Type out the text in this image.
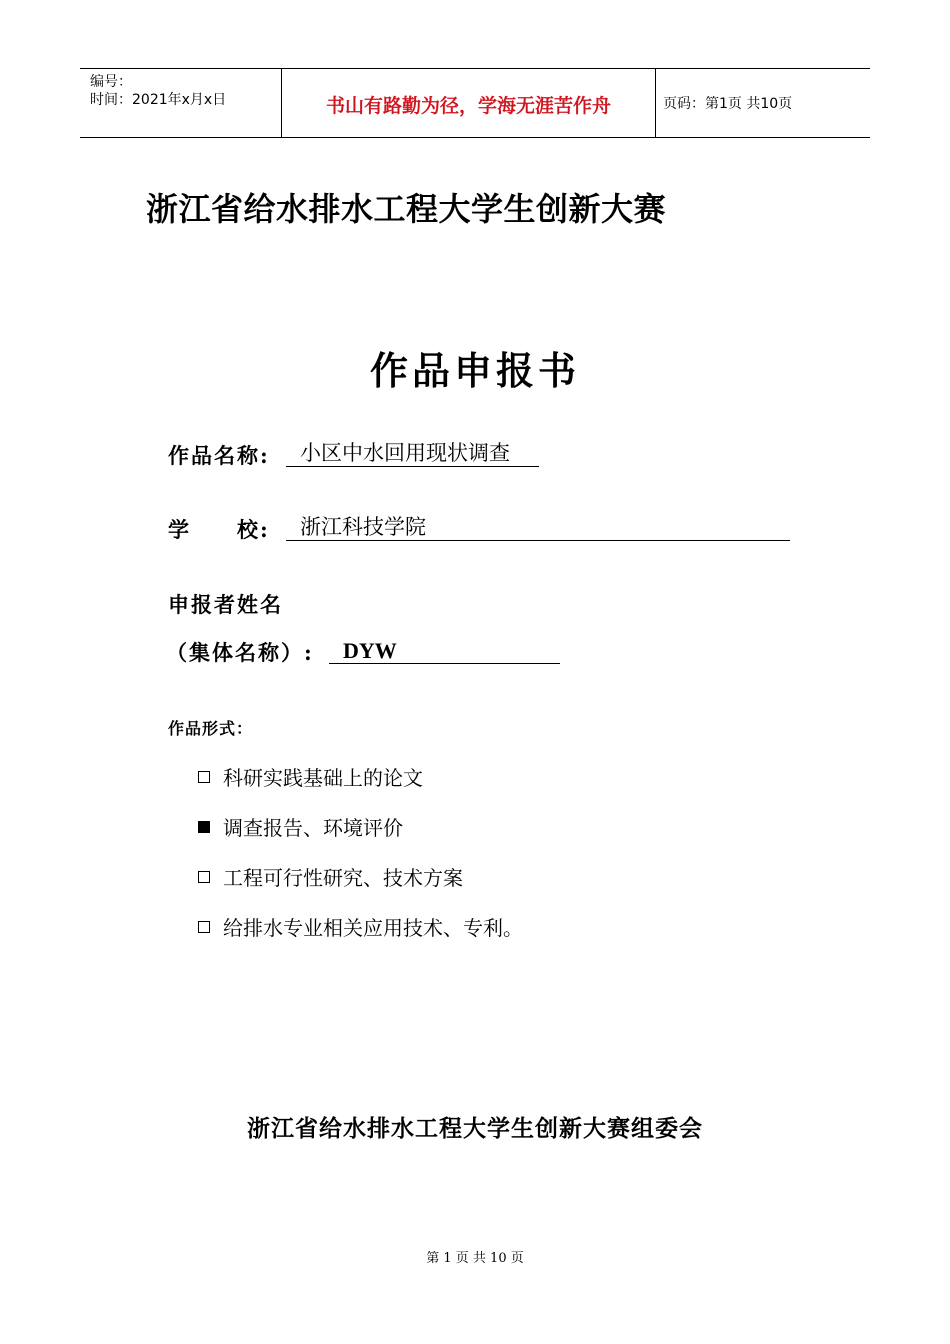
编号：
时间：2021年x月x日	书山有路勤为径，学海无涯苦作舟	页码：第1页 共10页
浙江省给水排水工程大学生创新大赛
作品申报书
作品名称:	小区中水回用现状调查
学　　校:	浙江科技学院
申报者姓名
（集体名称）:	DYW
作品形式：
科研实践基础上的论文
调查报告、环境评价
工程可行性研究、技术方案
给排水专业相关应用技术、专利。
浙江省给水排水工程大学生创新大赛组委会
第 1 页 共 10 页
